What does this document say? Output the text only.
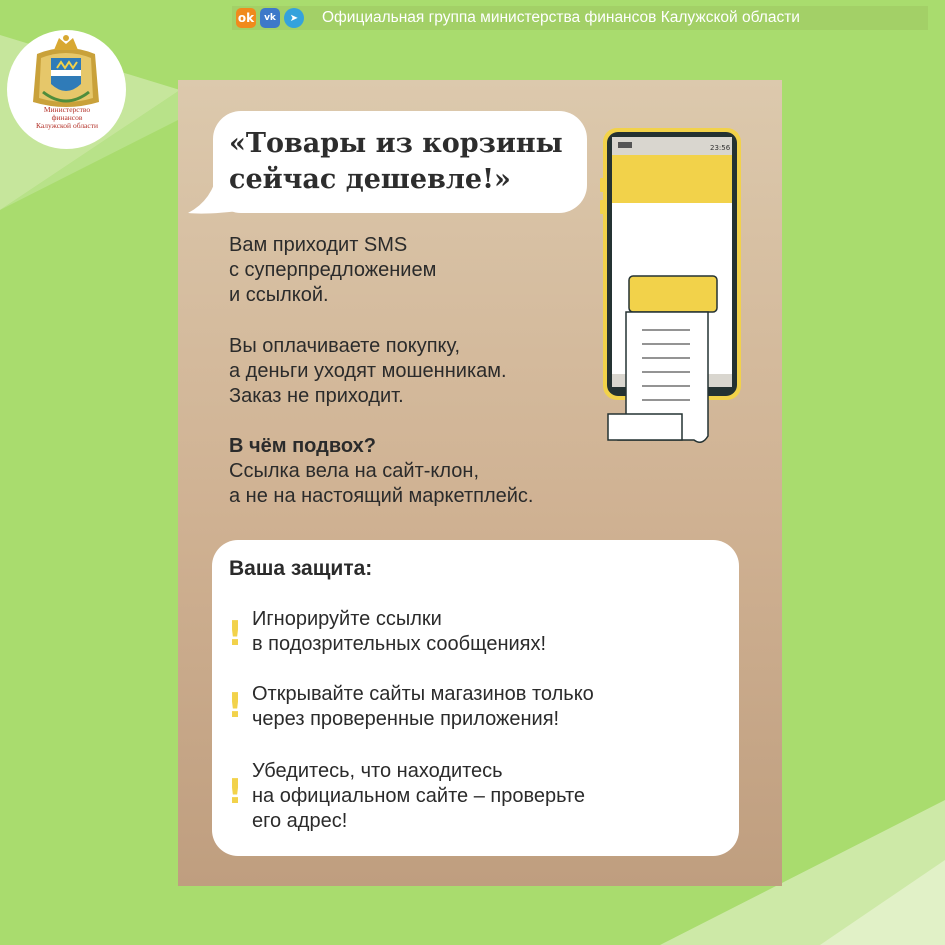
ok	vk	➤	Официальная группа министерства финансов Калужской области
Министерство
финансов
Калужской области
«Товары из корзины
сейчас дешевле!»
Вам приходит SMS
с суперпредложением
и ссылкой.
Вы оплачиваете покупку,
а деньги уходят мошенникам.
Заказ не приходит.
В чём подвох?
Ссылка вела на сайт-клон,
а не на настоящий маркетплейс.
23:56
Ваша защита:
! Игнорируйте ссылки
в подозрительных сообщениях!
! Открывайте сайты магазинов только
через проверенные приложения!
!
Убедитесь, что находитесь
на официальном сайте – проверьте
его адрес!
